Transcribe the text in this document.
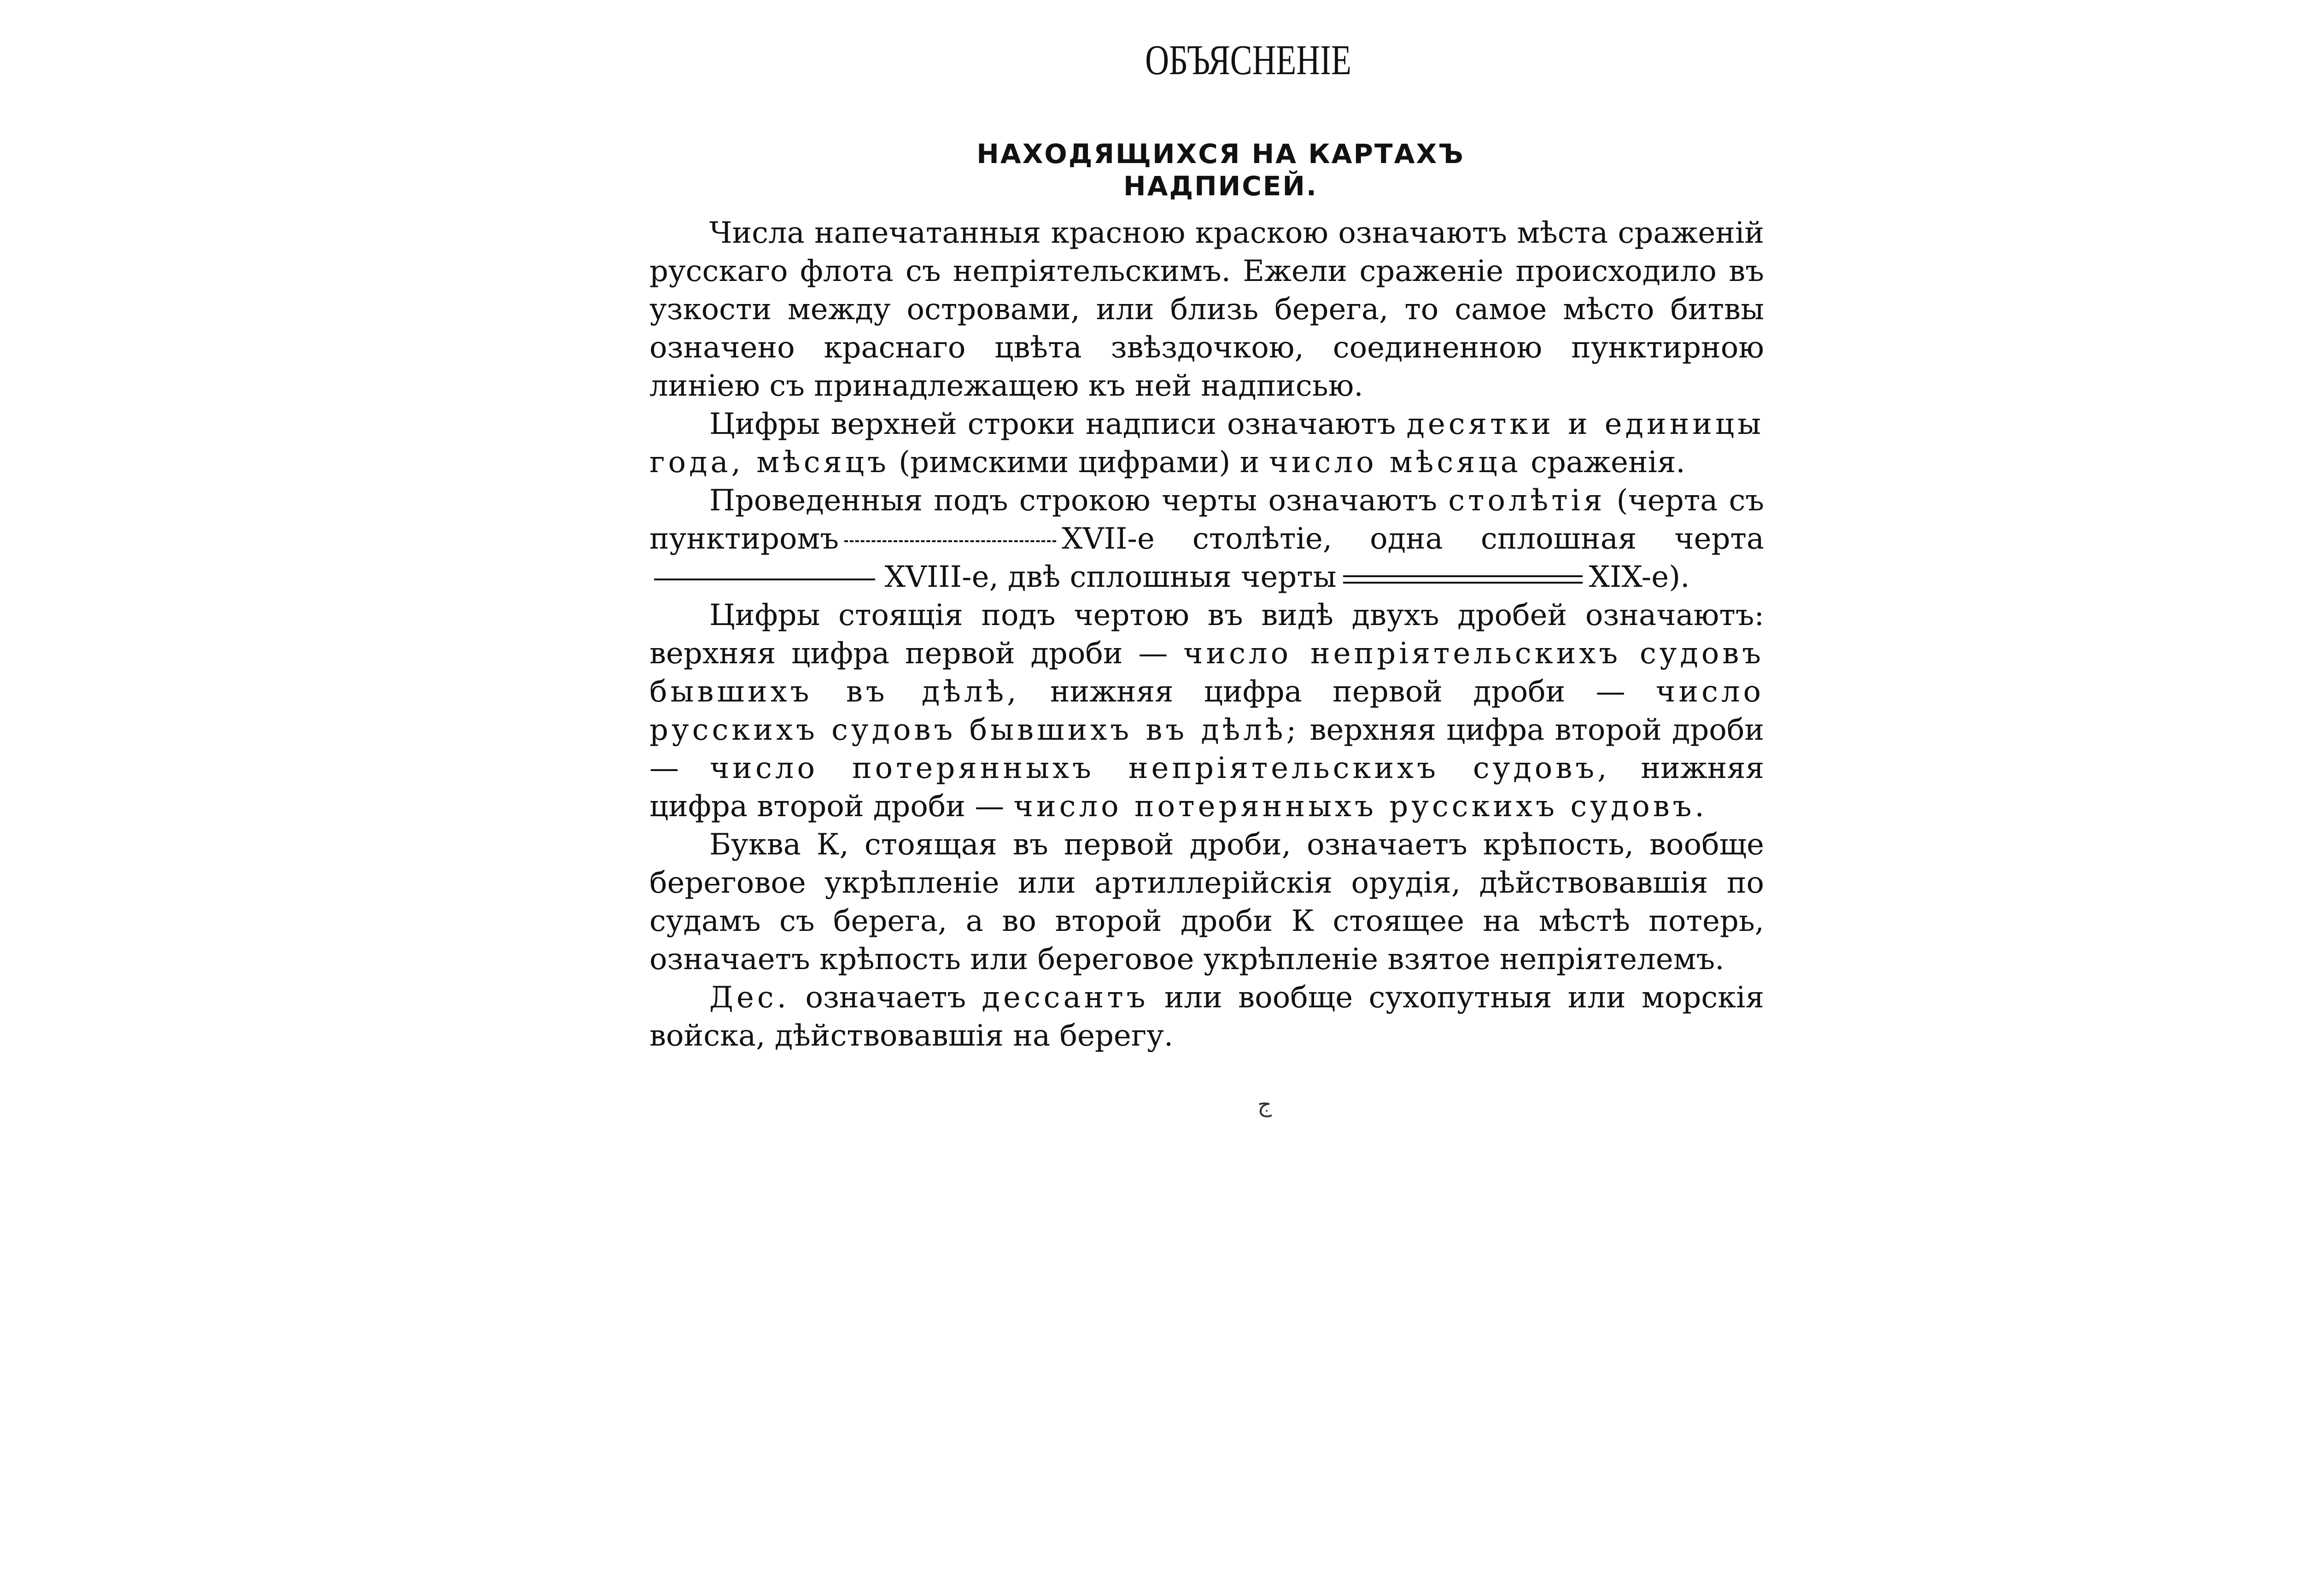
ОБЪЯСНЕНІЕ
НАХОДЯЩИХСЯ НА КАРТАХЪ НАДПИСЕЙ.

Числа напечатанныя красною краскою означаютъ мѣста сраженій русскаго флота съ непріятельскимъ. Ежели сраженіе происходило въ узкости между островами, или близь берега, то самое мѣсто битвы означено краснаго цвѣта звѣздочкою, соединенною пунктирною линіею съ принадлежащею къ ней надписью.

Цифры верхней строки надписи означаютъ десятки и единицы года, мѣсяцъ (римскими цифрами) и число мѣсяца сраженія.

Проведенныя подъ строкою черты означаютъ столѣтія (черта съ пунктиромъ	XVII-е столѣтіе, одна сплошная черта XVIII-е, двѣ сплошныя черты	XIX-е).

Цифры стоящія подъ чертою въ видѣ двухъ дробей означаютъ: верхняя цифра первой дроби — число непріятельскихъ судовъ бывшихъ въ дѣлѣ, нижняя цифра первой дроби — число русскихъ судовъ бывшихъ въ дѣлѣ; верхняя цифра второй дроби — число потерянныхъ непріятельскихъ судовъ, нижняя цифра второй дроби — число потерянныхъ русскихъ судовъ.

Буква К, стоящая въ первой дроби, означаетъ крѣпость, вообще береговое укрѣпленіе или артиллерійскія орудія, дѣйствовавшія по судамъ съ берега, а во второй дроби К стоящее на мѣстѣ потерь, означаетъ крѣпость или береговое укрѣпленіе взятое непріятелемъ.

Дес. означаетъ дессантъ или вообще сухопутныя или морскія войска, дѣйствовавшія на берегу.

ج
